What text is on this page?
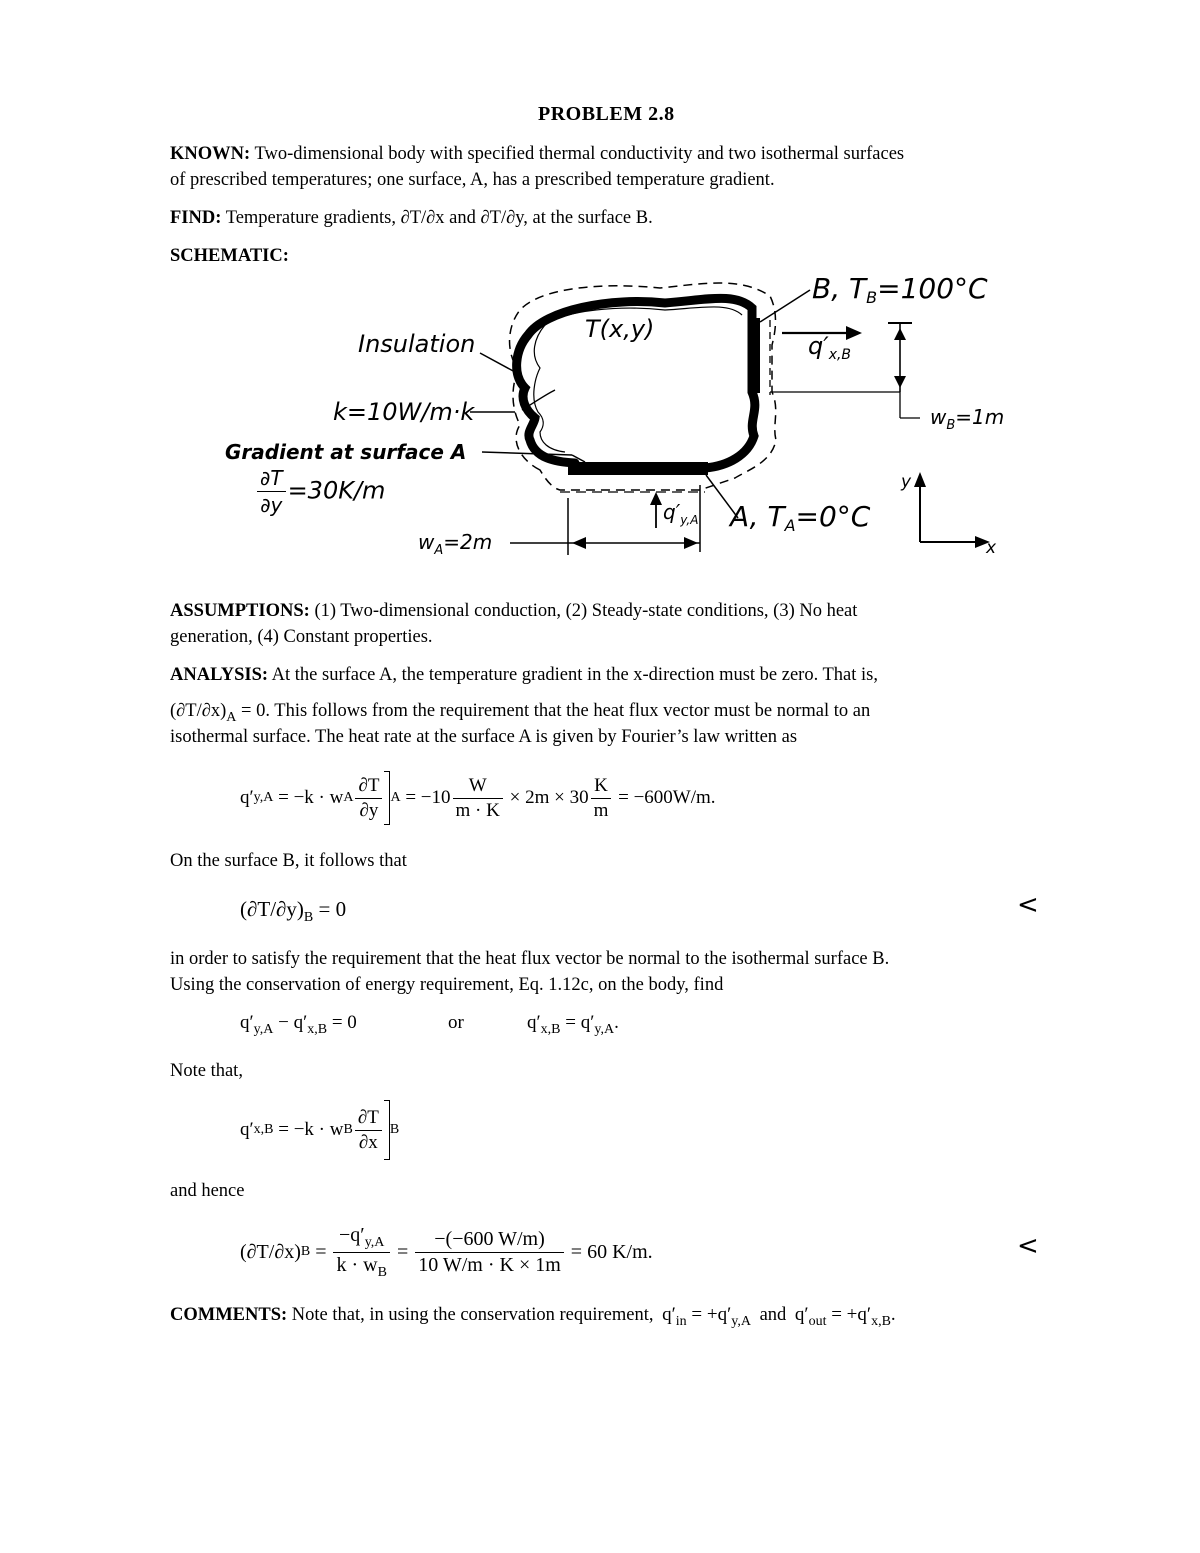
PROBLEM 2.8
KNOWN: Two-dimensional body with specified thermal conductivity and two isothermal surfaces
of prescribed temperatures; one surface, A, has a prescribed temperature gradient.
FIND: Temperature gradients, ∂T/∂x and ∂T/∂y, at the surface B.
SCHEMATIC:
B, $T_B=100^\circ C$
T(x,y)
Insulation
k=10W/m·k
Gradient at surface A
$\frac{\partial T}{\partial y} =30K/m$
$w_A=2m$
$w_B=1m$
$q'_{x,B}$
$q'_{y,A}$ A, $T_A=0^\circ C$
y
x
ASSUMPTIONS: (1) Two-dimensional conduction, (2) Steady-state conditions, (3) No heat
generation, (4) Constant properties.
ANALYSIS: At the surface A, the temperature gradient in the x-direction must be zero. That is,
$(\partial T/\partial x)_A = 0$. This follows from the requirement that the heat flux vector must be normal to an
isothermal surface. The heat rate at the surface A is given by Fourier’s law written as
q′ y,A = −k · w A $\frac{\partial T}{\partial y}$ $A = -10 \frac{W}{m \cdot K} \times 2m \times 30 \frac{K}{m} = -600W/m$.
On the surface B, it follows that
$(\partial T/\partial y)_B = 0$	<
in order to satisfy the requirement that the heat flux vector be normal to the isothermal surface B.
Using the conservation of energy requirement, Eq. 1.12c, on the body, find
$q'_{y,A} - q'_{x,B} = 0$	or	$q'_{x,B} = q'_{y,A}$.
Note that,
q′ x,B = −k · w B $\frac{\partial T}{\partial x}$ B
and hence
(∂T/∂x) $B = \frac{-q'_{y,A}}{k \cdot w_B} = \frac{-(-600 W/m)}{10 W/m \cdot K \times 1m} = 60$ K/m.	<
COMMENTS: Note that, in using the conservation requirement, $q'_{in} = +q'_{y,A}$ and $q'_{out} = +q'_{x,B}$.
